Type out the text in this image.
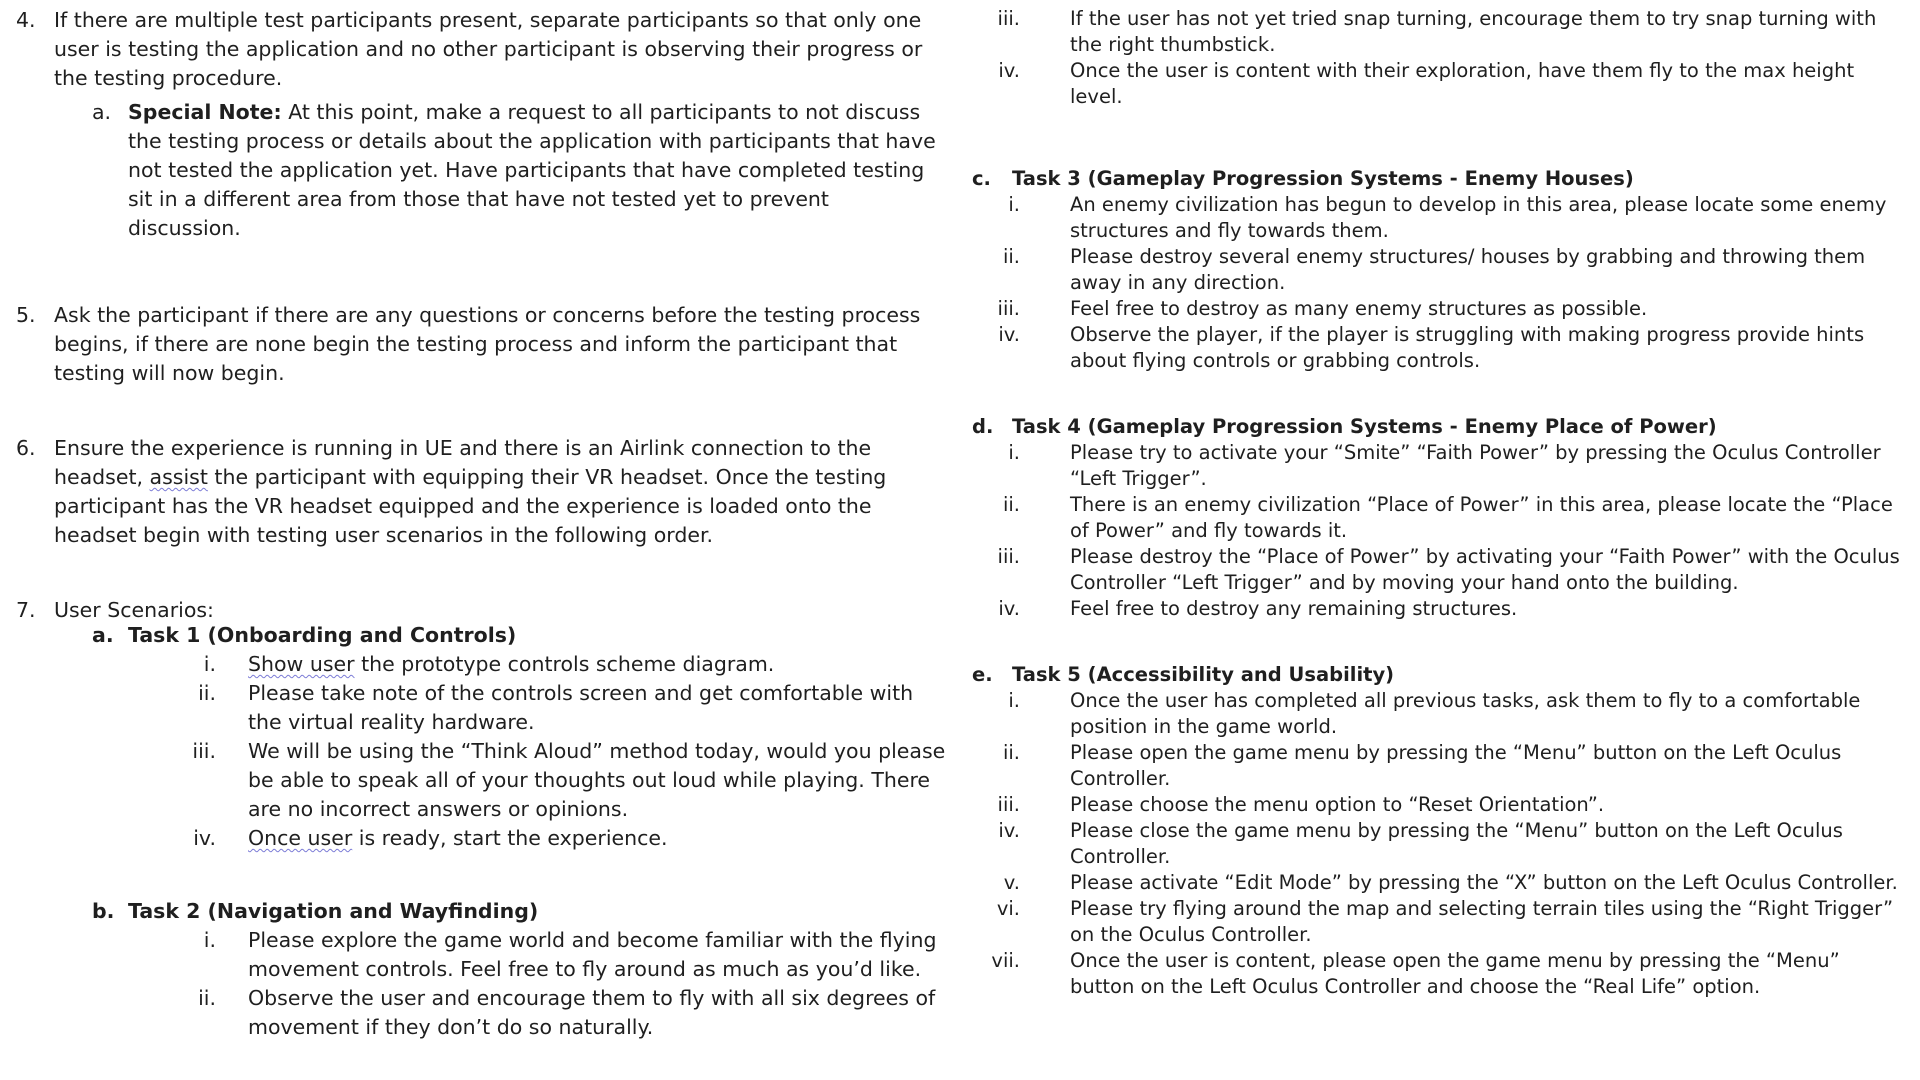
4. If there are multiple test participants present, separate participants so that only one user is testing the application and no other participant is observing their progress or the testing procedure.
a. Special Note: At this point, make a request to all participants to not discuss the testing process or details about the application with participants that have not tested the application yet. Have participants that have completed testing sit in a different area from those that have not tested yet to prevent discussion.
5. Ask the participant if there are any questions or concerns before the testing process begins, if there are none begin the testing process and inform the participant that testing will now begin.
6. Ensure the experience is running in UE and there is an Airlink connection to the headset, assist the participant with equipping their VR headset. Once the testing participant has the VR headset equipped and the experience is loaded onto the headset begin with testing user scenarios in the following order.
7. User Scenarios:
a. Task 1 (Onboarding and Controls)
i.	Show user the prototype controls scheme diagram.
ii.	Please take note of the controls screen and get comfortable with the virtual reality hardware.
iii.	We will be using the “Think Aloud” method today, would you please be able to speak all of your thoughts out loud while playing. There are no incorrect answers or opinions.
iv.	Once user is ready, start the experience.
b. Task 2 (Navigation and Wayfinding)
i.	Please explore the game world and become familiar with the flying movement controls. Feel free to fly around as much as you’d like.
ii.	Observe the user and encourage them to fly with all six degrees of movement if they don’t do so naturally.
iii.	If the user has not yet tried snap turning, encourage them to try snap turning with the right thumbstick.
iv.	Once the user is content with their exploration, have them fly to the max height level.
c.	Task 3 (Gameplay Progression Systems - Enemy Houses)
i.	An enemy civilization has begun to develop in this area, please locate some enemy structures and fly towards them.
ii.	Please destroy several enemy structures/ houses by grabbing and throwing them away in any direction.
iii.	Feel free to destroy as many enemy structures as possible.
iv.	Observe the player, if the player is struggling with making progress provide hints about flying controls or grabbing controls.
d. Task 4 (Gameplay Progression Systems - Enemy Place of Power)
i.	Please try to activate your “Smite” “Faith Power” by pressing the Oculus Controller “Left Trigger”.
ii.	There is an enemy civilization “Place of Power” in this area, please locate the “Place of Power” and fly towards it.
iii.	Please destroy the “Place of Power” by activating your “Faith Power” with the Oculus Controller “Left Trigger” and by moving your hand onto the building.
iv.	Feel free to destroy any remaining structures.
e. Task 5 (Accessibility and Usability)
i.	Once the user has completed all previous tasks, ask them to fly to a comfortable position in the game world.
ii.	Please open the game menu by pressing the “Menu” button on the Left Oculus Controller.
iii.	Please choose the menu option to “Reset Orientation”.
iv.	Please close the game menu by pressing the “Menu” button on the Left Oculus Controller.
v.	Please activate “Edit Mode” by pressing the “X” button on the Left Oculus Controller.
vi.	Please try flying around the map and selecting terrain tiles using the “Right Trigger” on the Oculus Controller.
vii.	Once the user is content, please open the game menu by pressing the “Menu” button on the Left Oculus Controller and choose the “Real Life” option.
